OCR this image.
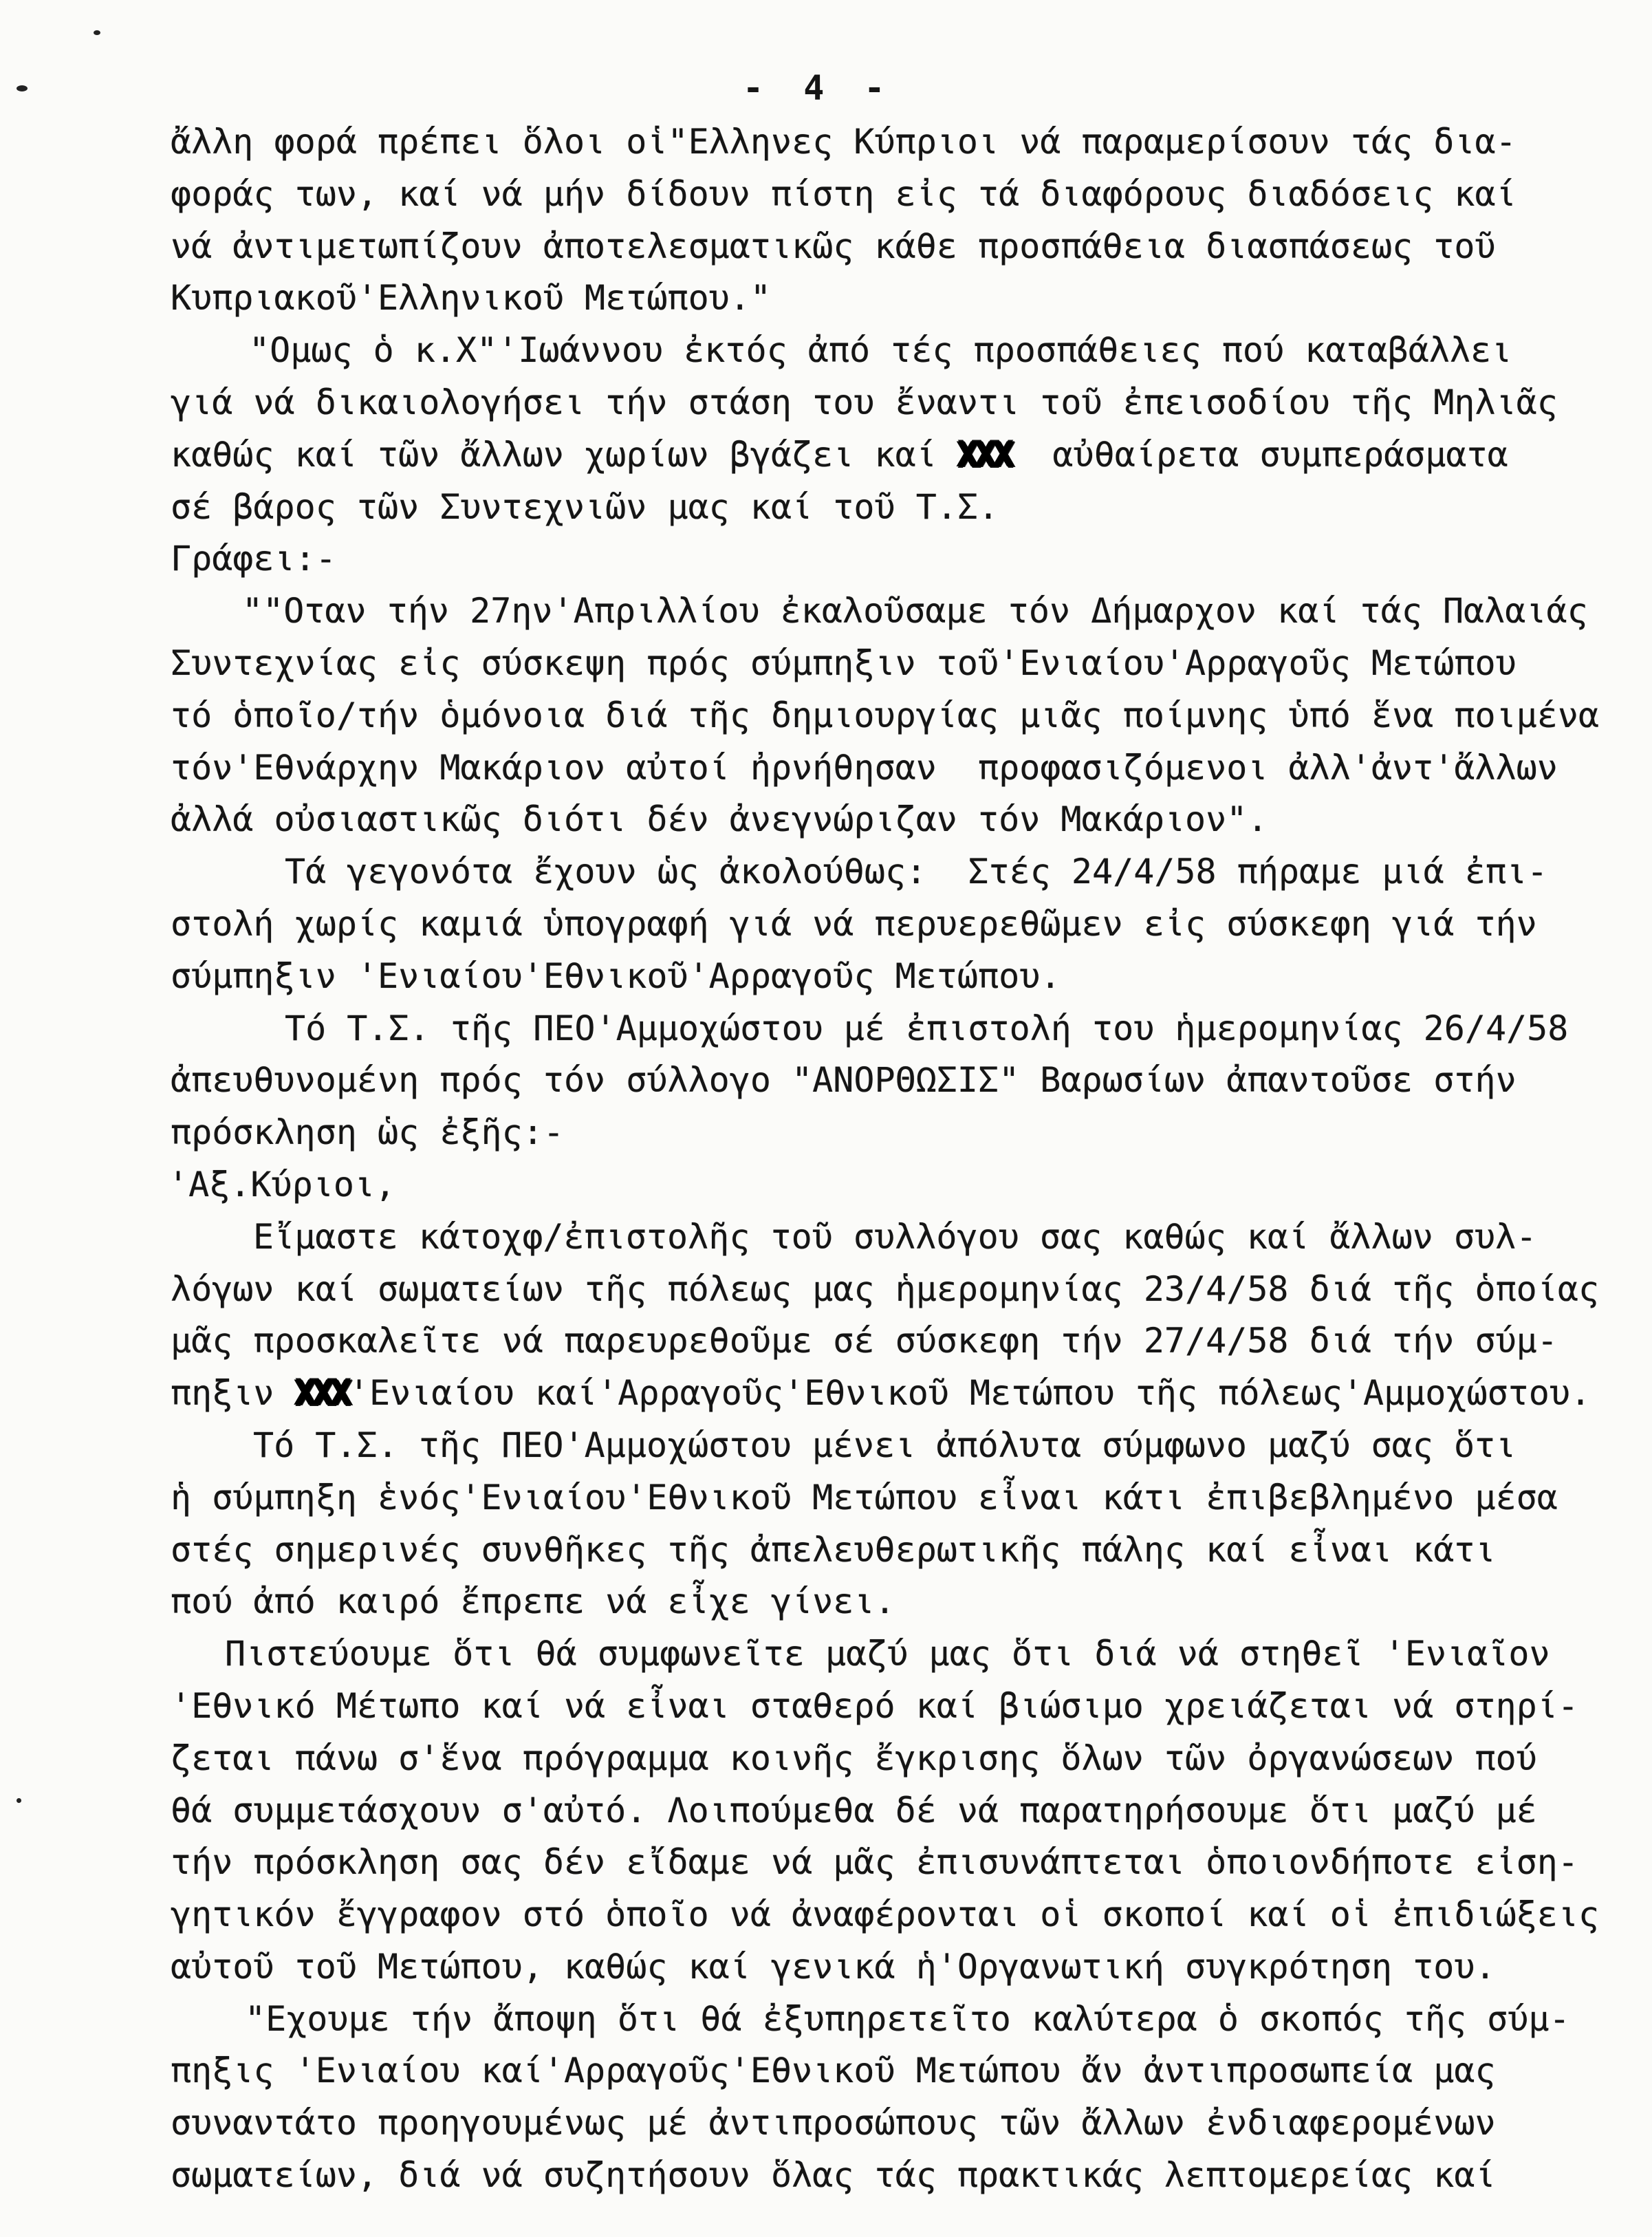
- 4 -
ἄλλη φορά πρέπει ὅλοι οἱ"Ελληνες Κύπριοι νά παραμερίσουν τάς δια-
φοράς των, καί νά μήν δίδουν πίστη εἰς τά διαφόρους διαδόσεις καί
νά ἀντιμετωπίζουν ἀποτελεσματικῶς κάθε προσπάθεια διασπάσεως τοῦ
Κυπριακοῦ'Ελληνικοῦ Μετώπου."
"Ομως ὁ κ.Χ"'Ιωάννου ἐκτός ἀπό τές προσπάθειες πού καταβάλλει
γιά νά δικαιολογήσει τήν στάση του ἔναντι τοῦ ἐπεισοδίου τῆς Μηλιᾶς
καθώς καί τῶν ἄλλων χωρίων βγάζει καί ΧΧΧ  αὐθαίρετα συμπεράσματα
σέ βάρος τῶν Συντεχνιῶν μας καί τοῦ Τ.Σ.
Γράφει:-
""Οταν τήν 27ην'Απριλλίου ἐκαλοῦσαμε τόν Δήμαρχον καί τάς Παλαιάς
Συντεχνίας εἰς σύσκεψη πρός σύμπηξιν τοῦ'Ενιαίου'Αρραγοῦς Μετώπου
τό ὁποῖο/τήν ὁμόνοια διά τῆς δημιουργίας μιᾶς ποίμνης ὑπό ἕνα ποιμένα
τόν'Εθνάρχην Μακάριον αὐτοί ἠρνήθησαν  προφασιζόμενοι ἀλλ'ἀντ'ἄλλων
ἀλλά οὐσιαστικῶς διότι δέν ἀνεγνώριζαν τόν Μακάριον".
Τά γεγονότα ἔχουν ὡς ἀκολούθως:  Στές 24/4/58 πήραμε μιά ἐπι-
στολή χωρίς καμιά ὑπογραφή γιά νά περυερεθῶμεν εἰς σύσκεφη γιά τήν
σύμπηξιν 'Ενιαίου'Εθνικοῦ'Αρραγοῦς Μετώπου.
Τό Τ.Σ. τῆς ΠΕΟ'Αμμοχώστου μέ ἐπιστολή του ἡμερομηνίας 26/4/58
ἀπευθυνομένη πρός τόν σύλλογο "ΑΝΟΡΘΩΣΙΣ" Βαρωσίων ἀπαντοῦσε στήν
πρόσκληση ὡς ἐξῆς:-
'Αξ.Κύριοι,
Εἴμαστε κάτοχφ/ἐπιστολῆς τοῦ συλλόγου σας καθώς καί ἄλλων συλ-
λόγων καί σωματείων τῆς πόλεως μας ἡμερομηνίας 23/4/58 διά τῆς ὁποίας
μᾶς προσκαλεῖτε νά παρευρεθοῦμε σέ σύσκεφη τήν 27/4/58 διά τήν σύμ-
πηξιν ΧΧΧ'Ενιαίου καί'Αρραγοῦς'Εθνικοῦ Μετώπου τῆς πόλεως'Αμμοχώστου.
Τό Τ.Σ. τῆς ΠΕΟ'Αμμοχώστου μένει ἀπόλυτα σύμφωνο μαζύ σας ὅτι
ἡ σύμπηξη ἑνός'Ενιαίου'Εθνικοῦ Μετώπου εἶναι κάτι ἐπιβεβλημένο μέσα
στές σημερινές συνθῆκες τῆς ἀπελευθερωτικῆς πάλης καί εἶναι κάτι
πού ἀπό καιρό ἔπρεπε νά εἶχε γίνει.
Πιστεύουμε ὅτι θά συμφωνεῖτε μαζύ μας ὅτι διά νά στηθεῖ 'Ενιαῖον
'Εθνικό Μέτωπο καί νά εἶναι σταθερό καί βιώσιμο χρειάζεται νά στηρί-
ζεται πάνω σ'ἕνα πρόγραμμα κοινῆς ἔγκρισης ὅλων τῶν ὀργανώσεων πού
θά συμμετάσχουν σ'αὐτό. Λοιπούμεθα δέ νά παρατηρήσουμε ὅτι μαζύ μέ
τήν πρόσκληση σας δέν εἴδαμε νά μᾶς ἐπισυνάπτεται ὁποιονδήποτε εἰση-
γητικόν ἔγγραφον στό ὁποῖο νά ἀναφέρονται οἱ σκοποί καί οἱ ἐπιδιώξεις
αὐτοῦ τοῦ Μετώπου, καθώς καί γενικά ἡ'Οργανωτική συγκρότηση του.
"Εχουμε τήν ἄποψη ὅτι θά ἐξυπηρετεῖτο καλύτερα ὁ σκοπός τῆς σύμ-
πηξις 'Ενιαίου καί'Αρραγοῦς'Εθνικοῦ Μετώπου ἄν ἀντιπροσωπεία μας
συναντάτο προηγουμένως μέ ἀντιπροσώπους τῶν ἄλλων ἐνδιαφερομένων
σωματείων, διά νά συζητήσουν ὅλας τάς πρακτικάς λεπτομερείας καί
